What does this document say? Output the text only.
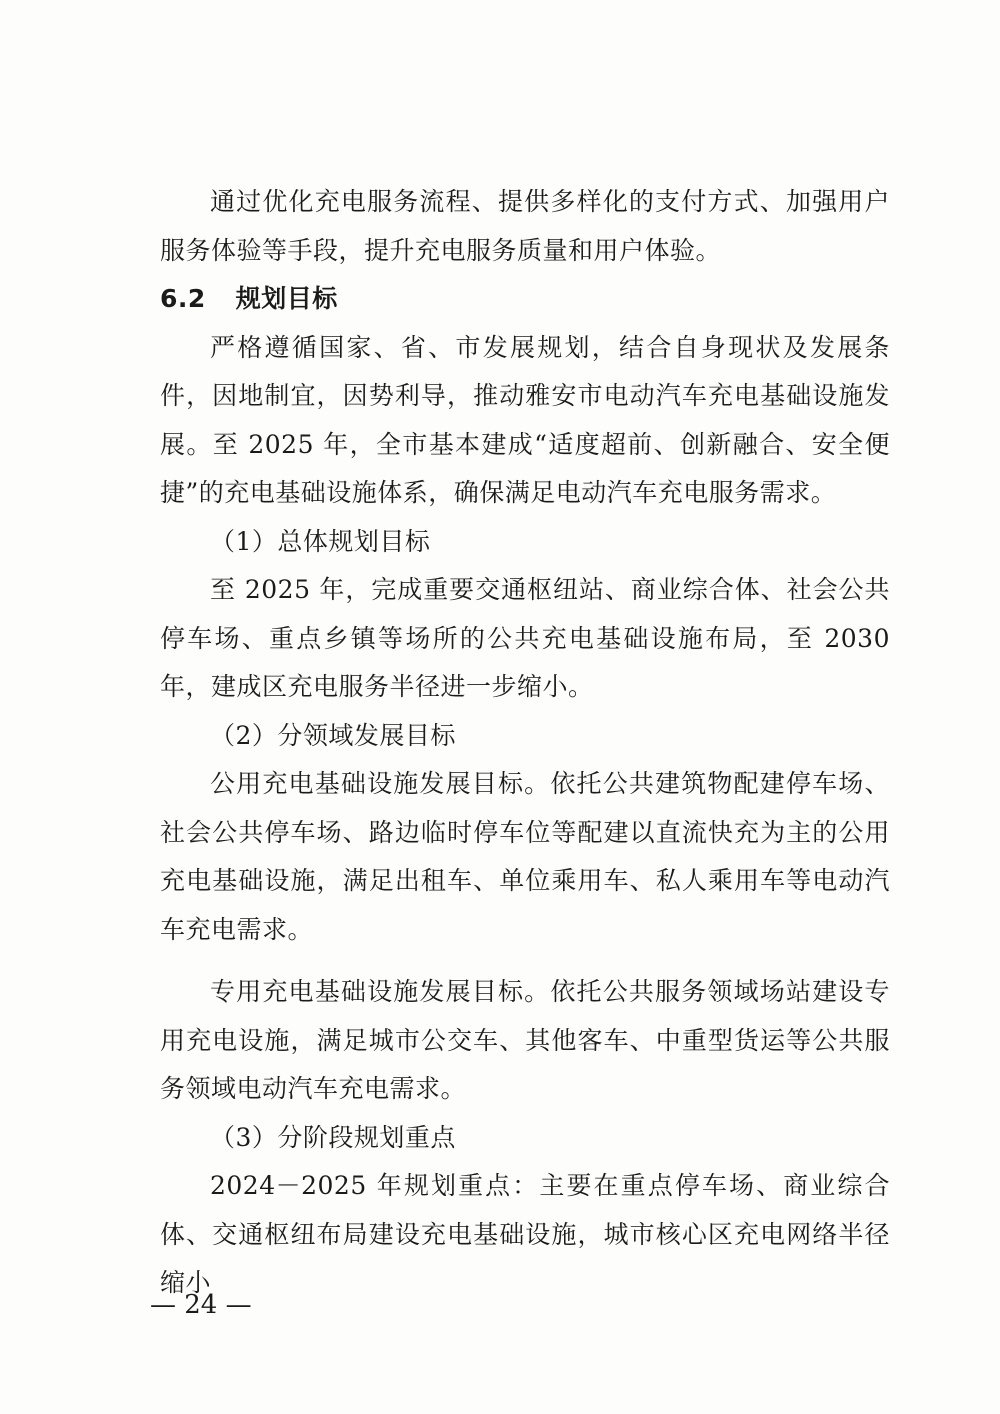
通过优化充电服务流程、提供多样化的支付方式、加强用户服务体验等手段，提升充电服务质量和用户体验。

6.2 规划目标

严格遵循国家、省、市发展规划，结合自身现状及发展条件，因地制宜，因势利导，推动雅安市电动汽车充电基础设施发展。至 2025 年，全市基本建成“适度超前、创新融合、安全便捷”的充电基础设施体系，确保满足电动汽车充电服务需求。

（1）总体规划目标

至 2025 年，完成重要交通枢纽站、商业综合体、社会公共停车场、重点乡镇等场所的公共充电基础设施布局，至 2030 年，建成区充电服务半径进一步缩小。

（2）分领域发展目标

公用充电基础设施发展目标。依托公共建筑物配建停车场、社会公共停车场、路边临时停车位等配建以直流快充为主的公用充电基础设施，满足出租车、单位乘用车、私人乘用车等电动汽车充电需求。

专用充电基础设施发展目标。依托公共服务领域场站建设专用充电设施，满足城市公交车、其他客车、中重型货运等公共服务领域电动汽车充电需求。

（3）分阶段规划重点

2024－2025 年规划重点：主要在重点停车场、商业综合体、交通枢纽布局建设充电基础设施，城市核心区充电网络半径缩小

— 24 —
